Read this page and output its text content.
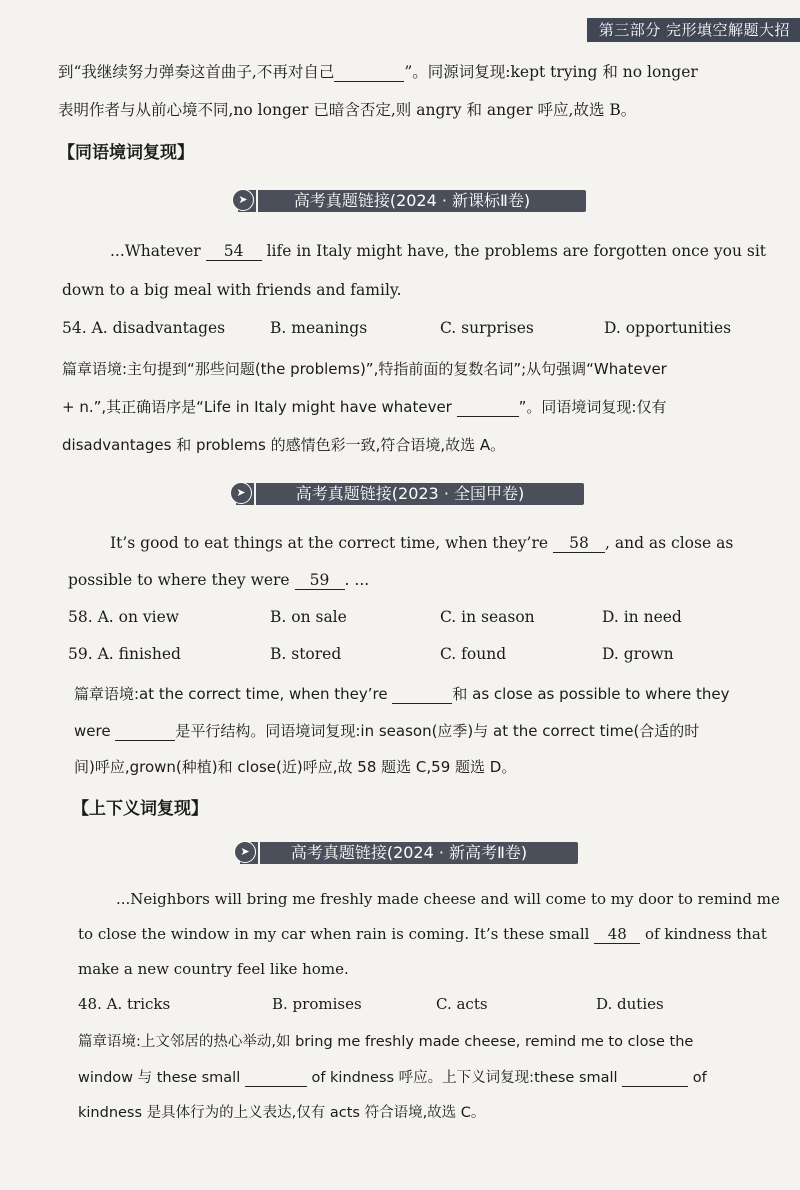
第三部分 完形填空解题大招
到“我继续努力弹奏这首曲子,不再对自己	”。同源词复现:kept trying 和 no longer
表明作者与从前心境不同,no longer 已暗含否定,则 angry 和 anger 呼应,故选 B。
【同语境词复现】
➤	高考真题链接(2024 · 新课标Ⅱ卷)
...Whatever 54 life in Italy might have, the problems are forgotten once you sit
down to a big meal with friends and family.
54. A. disadvantages	B. meanings	C. surprises	D. opportunities
篇章语境:主句提到“那些问题(the problems)”,特指前面的复数名词”;从句强调“Whatever
+ n.”,其正确语序是“Life in Italy might have whatever	”。同语境词复现:仅有
disadvantages 和 problems 的感情色彩一致,符合语境,故选 A。
➤	高考真题链接(2023 · 全国甲卷)
It’s good to eat things at the correct time, when they’re 58 , and as close as
possible to where they were 59 . ...
58. A. on view	B. on sale	C. in season	D. in need
59. A. finished	B. stored	C. found	D. grown
篇章语境:at the correct time, when they’re	和 as close as possible to where they
were	是平行结构。同语境词复现:in season(应季)与 at the correct time(合适的时
间)呼应,grown(种植)和 close(近)呼应,故 58 题选 C,59 题选 D。
【上下义词复现】
➤	高考真题链接(2024 · 新高考Ⅱ卷)
...Neighbors will bring me freshly made cheese and will come to my door to remind me
to close the window in my car when rain is coming. It’s these small 48 of kindness that
make a new country feel like home.
48. A. tricks	B. promises	C. acts	D. duties
篇章语境:上文邻居的热心举动,如 bring me freshly made cheese, remind me to close the
window 与 these small	of kindness 呼应。上下义词复现:these small	of
kindness 是具体行为的上义表达,仅有 acts 符合语境,故选 C。
